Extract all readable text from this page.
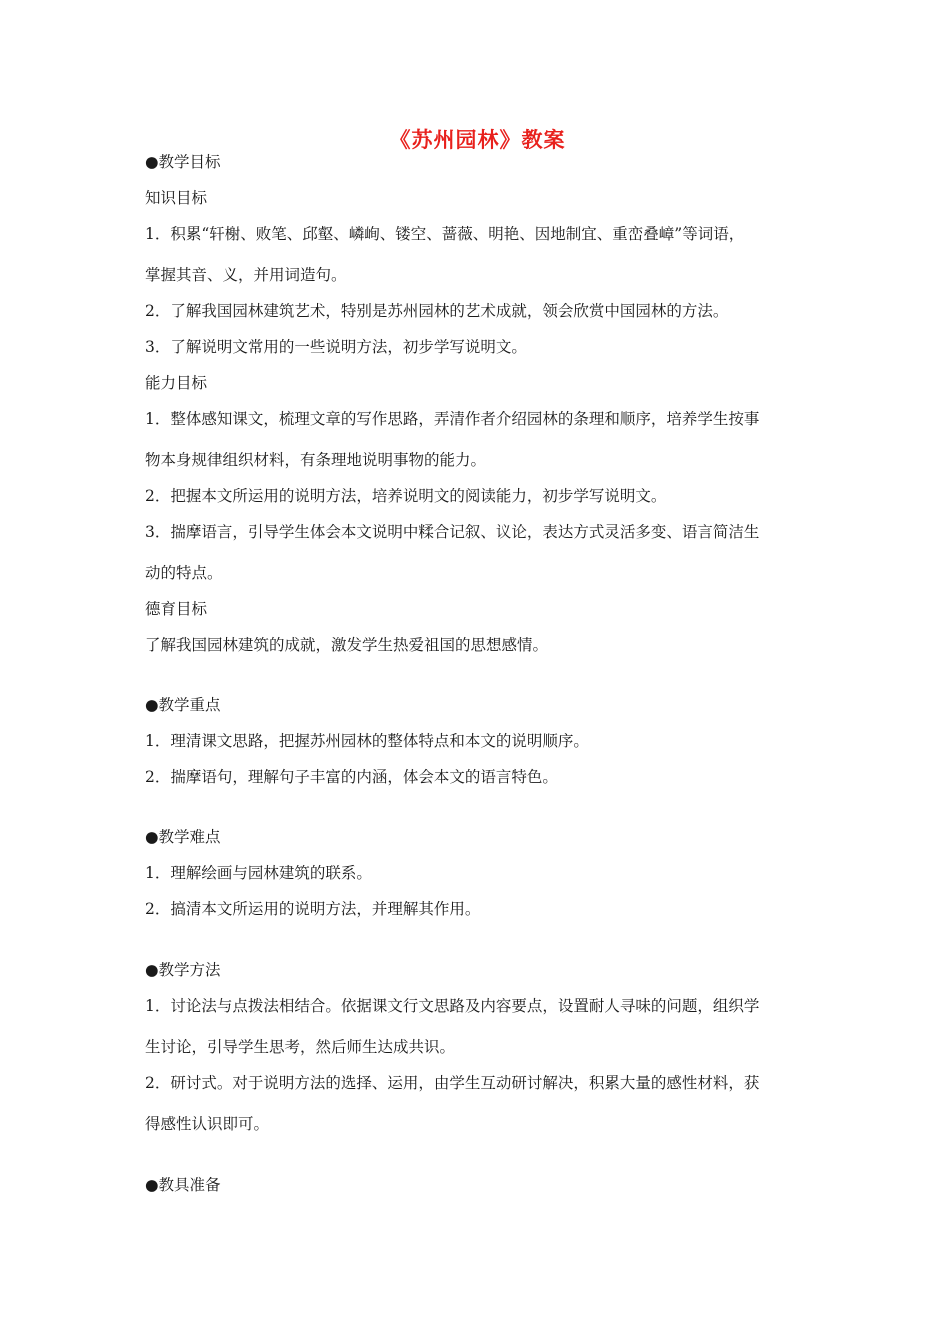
《苏州园林》教案
●教学目标
知识目标
1．积累“轩榭、败笔、邱壑、嶙峋、镂空、蔷薇、明艳、因地制宜、重峦叠嶂”等词语，
掌握其音、义，并用词造句。
2．了解我国园林建筑艺术，特别是苏州园林的艺术成就，领会欣赏中国园林的方法。
3．了解说明文常用的一些说明方法，初步学写说明文。
能力目标
1．整体感知课文，梳理文章的写作思路，弄清作者介绍园林的条理和顺序，培养学生按事
物本身规律组织材料，有条理地说明事物的能力。
2．把握本文所运用的说明方法，培养说明文的阅读能力，初步学写说明文。
3．揣摩语言，引导学生体会本文说明中糅合记叙、议论，表达方式灵活多变、语言简洁生
动的特点。
德育目标
了解我国园林建筑的成就，激发学生热爱祖国的思想感情。
●教学重点
1．理清课文思路，把握苏州园林的整体特点和本文的说明顺序。
2．揣摩语句，理解句子丰富的内涵，体会本文的语言特色。
●教学难点
1．理解绘画与园林建筑的联系。
2．搞清本文所运用的说明方法，并理解其作用。
●教学方法
1．讨论法与点拨法相结合。依据课文行文思路及内容要点，设置耐人寻味的问题，组织学
生讨论，引导学生思考，然后师生达成共识。
2．研讨式。对于说明方法的选择、运用，由学生互动研讨解决，积累大量的感性材料，获
得感性认识即可。
●教具准备
